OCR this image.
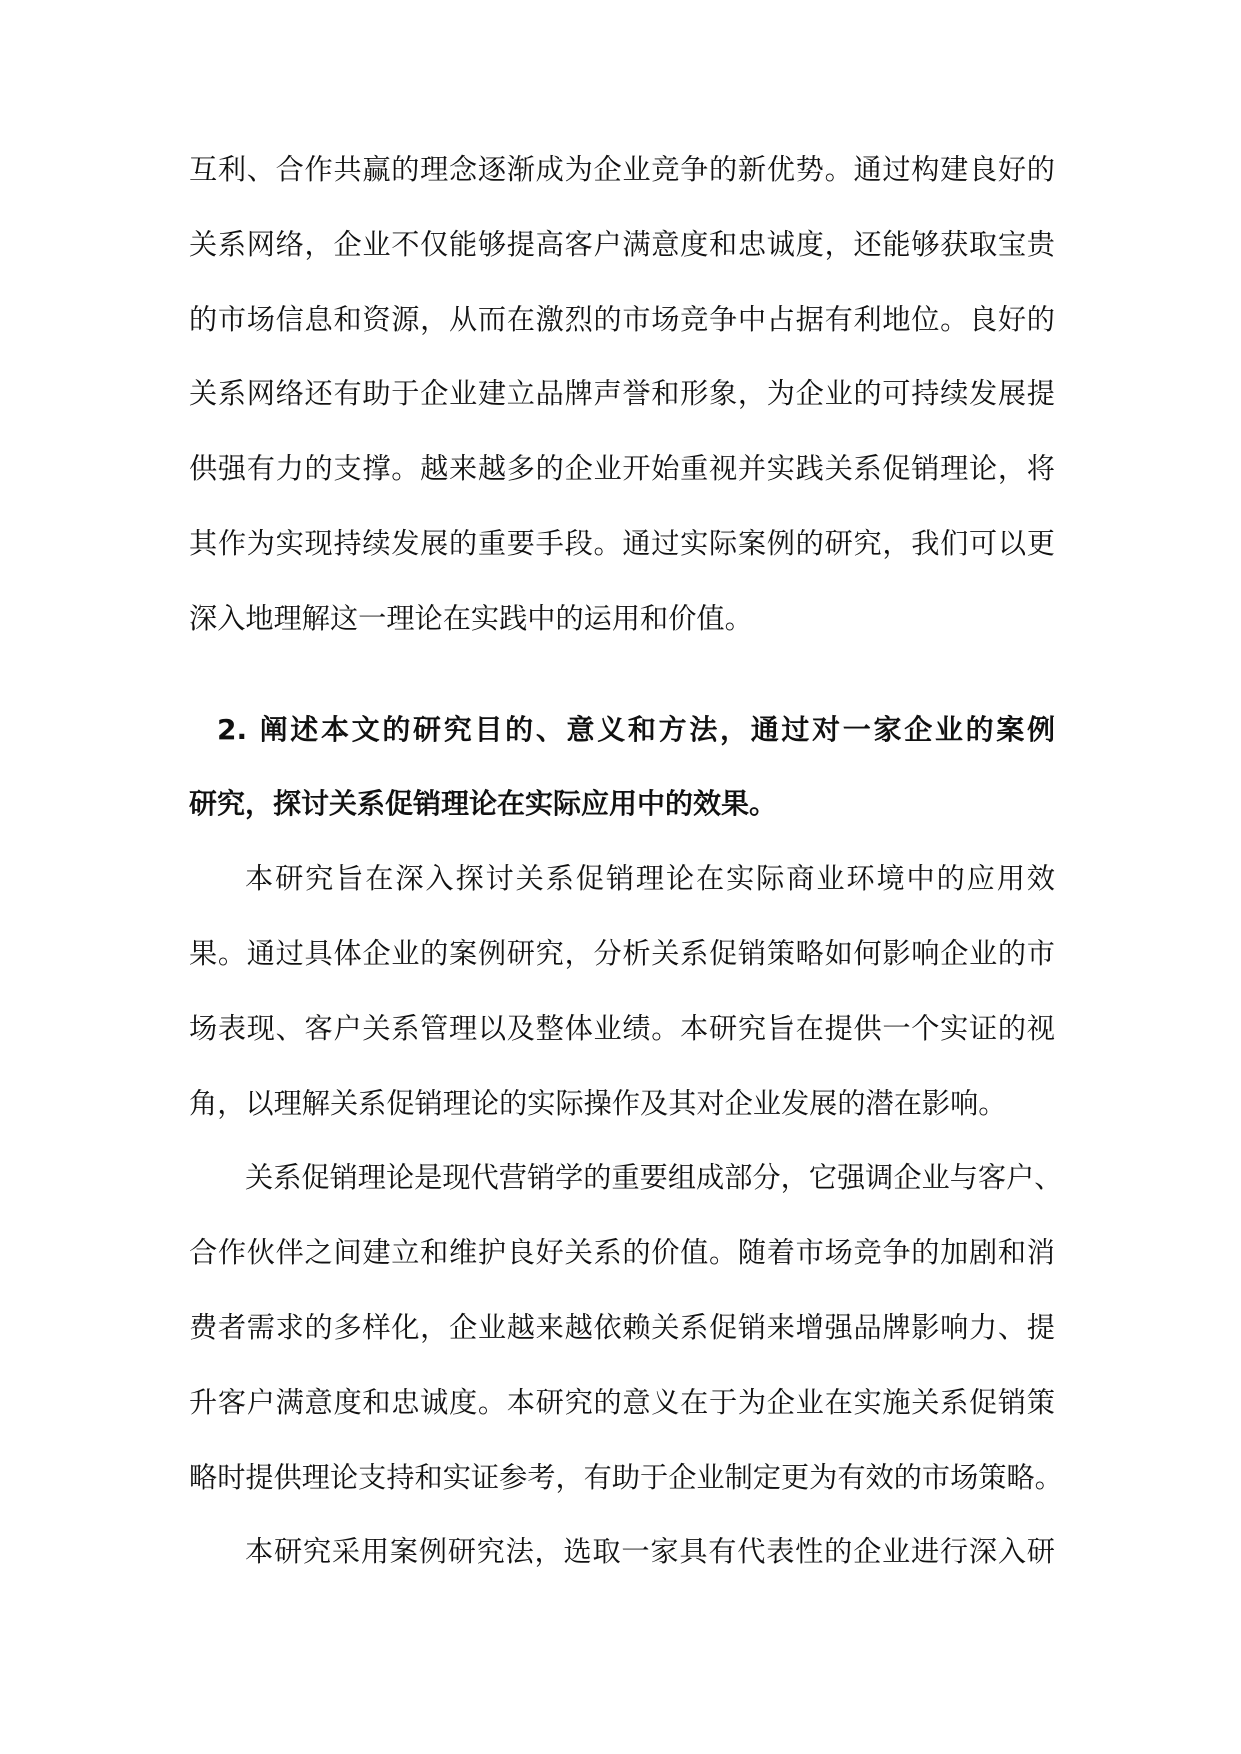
互利、合作共赢的理念逐渐成为企业竞争的新优势。通过构建良好的
关系网络，企业不仅能够提高客户满意度和忠诚度，还能够获取宝贵
的市场信息和资源，从而在激烈的市场竞争中占据有利地位。良好的
关系网络还有助于企业建立品牌声誉和形象，为企业的可持续发展提
供强有力的支撑。越来越多的企业开始重视并实践关系促销理论，将
其作为实现持续发展的重要手段。通过实际案例的研究，我们可以更
深入地理解这一理论在实践中的运用和价值。
2. 阐述本文的研究目的、意义和方法，通过对一家企业的案例
研究，探讨关系促销理论在实际应用中的效果。
本研究旨在深入探讨关系促销理论在实际商业环境中的应用效
果。通过具体企业的案例研究，分析关系促销策略如何影响企业的市
场表现、客户关系管理以及整体业绩。本研究旨在提供一个实证的视
角，以理解关系促销理论的实际操作及其对企业发展的潜在影响。
关系促销理论是现代营销学的重要组成部分，它强调企业与客户、
合作伙伴之间建立和维护良好关系的价值。随着市场竞争的加剧和消
费者需求的多样化，企业越来越依赖关系促销来增强品牌影响力、提
升客户满意度和忠诚度。本研究的意义在于为企业在实施关系促销策
略时提供理论支持和实证参考，有助于企业制定更为有效的市场策略。
本研究采用案例研究法，选取一家具有代表性的企业进行深入研
